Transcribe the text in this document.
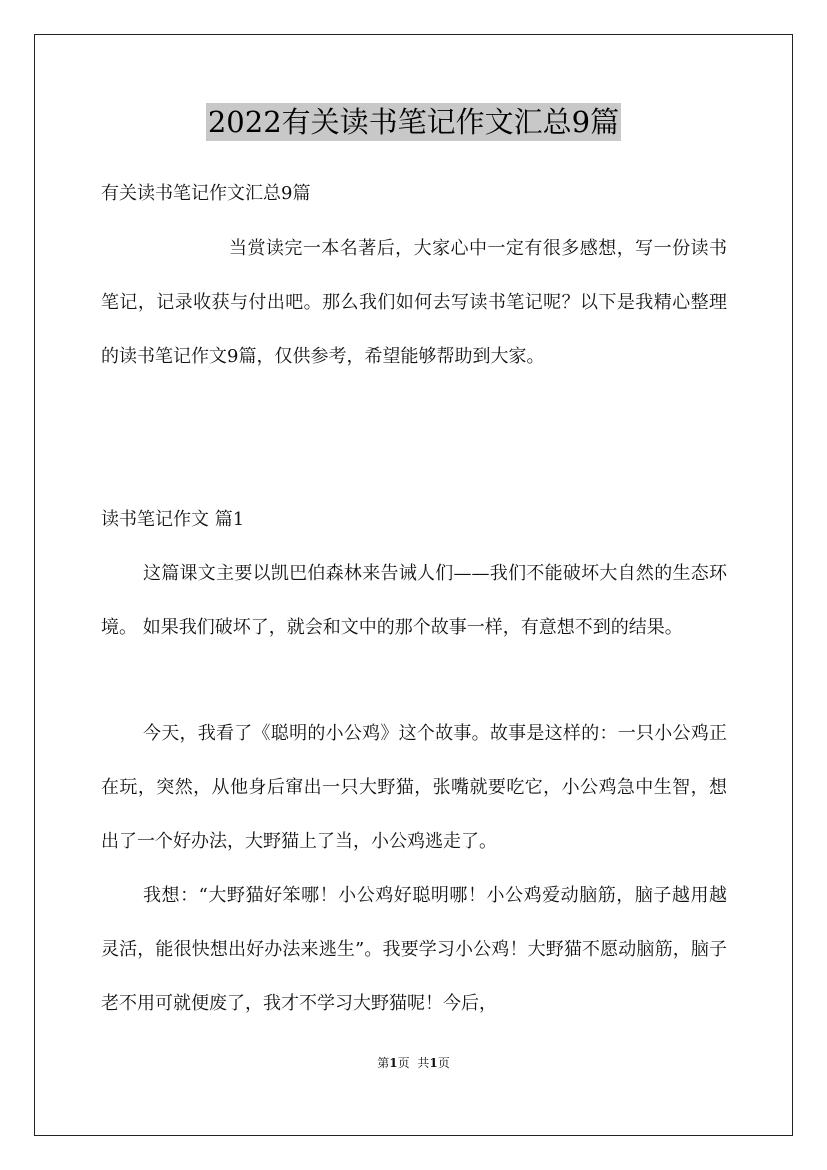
2022有关读书笔记作文汇总9篇
有关读书笔记作文汇总9篇

当赏读完一本名著后，大家心中一定有很多感想，写一份读书笔记，记录收获与付出吧。那么我们如何去写读书笔记呢？以下是我精心整理的读书笔记作文9篇，仅供参考，希望能够帮助到大家。

读书笔记作文 篇1

这篇课文主要以凯巴伯森林来告诫人们——我们不能破坏大自然的生态环境。 如果我们破坏了，就会和文中的那个故事一样，有意想不到的结果。

今天，我看了《聪明的小公鸡》这个故事。故事是这样的：一只小公鸡正在玩，突然，从他身后窜出一只大野猫，张嘴就要吃它，小公鸡急中生智，想出了一个好办法，大野猫上了当，小公鸡逃走了。

我想：“大野猫好笨哪！小公鸡好聪明哪！小公鸡爱动脑筋，脑子越用越灵活，能很快想出好办法来逃生”。我要学习小公鸡！大野猫不愿动脑筋，脑子老不用可就便废了，我才不学习大野猫呢！今后，

第1页 共1页
